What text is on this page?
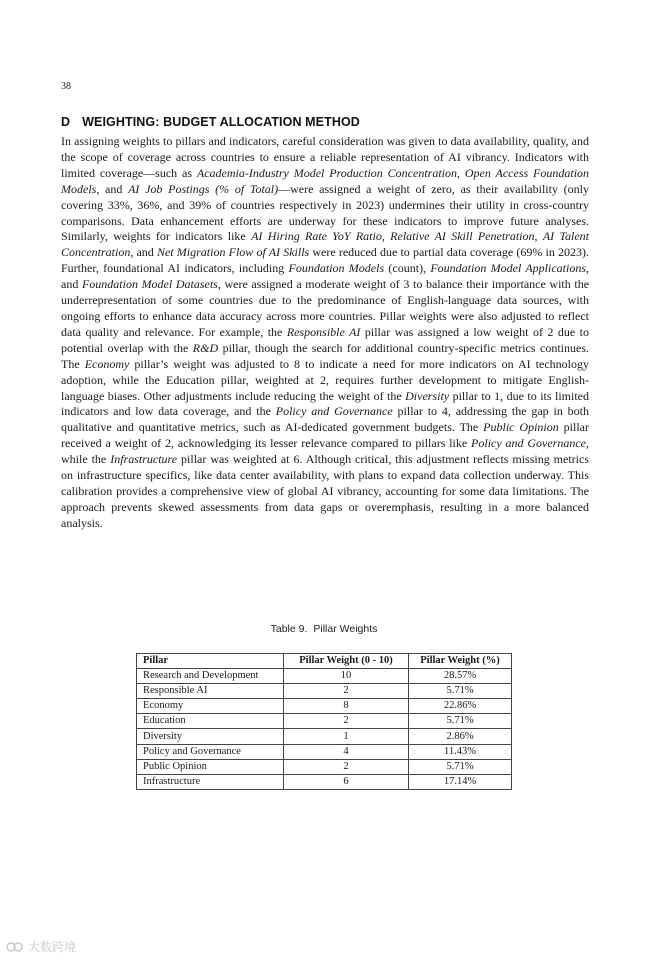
38
D WEIGHTING: BUDGET ALLOCATION METHOD
In assigning weights to pillars and indicators, careful consideration was given to data availability, quality, and the scope of coverage across countries to ensure a reliable representation of AI vibrancy. Indicators with limited coverage—such as Academia-Industry Model Production Concentration, Open Access Foundation Models, and AI Job Postings (% of Total)—were assigned a weight of zero, as their availability (only covering 33%, 36%, and 39% of countries respectively in 2023) undermines their utility in cross-country comparisons. Data enhancement efforts are underway for these indicators to improve future analyses. Similarly, weights for indicators like AI Hiring Rate YoY Ratio, Relative AI Skill Penetration, AI Talent Concentration, and Net Migration Flow of AI Skills were reduced due to partial data coverage (69% in 2023). Further, foundational AI indicators, including Foundation Models (count), Foundation Model Applications, and Foundation Model Datasets, were assigned a moderate weight of 3 to balance their importance with the underrepresentation of some countries due to the predominance of English-language data sources, with ongoing efforts to enhance data accuracy across more countries. Pillar weights were also adjusted to reflect data quality and relevance. For example, the Responsible AI pillar was assigned a low weight of 2 due to potential overlap with the R&D pillar, though the search for additional country-specific metrics continues. The Economy pillar’s weight was adjusted to 8 to indicate a need for more indicators on AI technology adoption, while the Education pillar, weighted at 2, requires further development to mitigate English-language biases. Other adjustments include reducing the weight of the Diversity pillar to 1, due to its limited indicators and low data coverage, and the Policy and Governance pillar to 4, addressing the gap in both qualitative and quantitative metrics, such as AI-dedicated government budgets. The Public Opinion pillar received a weight of 2, acknowledging its lesser relevance compared to pillars like Policy and Governance, while the Infrastructure pillar was weighted at 6. Although critical, this adjustment reflects missing metrics on infrastructure specifics, like data center availability, with plans to expand data collection underway. This calibration provides a comprehensive view of global AI vibrancy, accounting for some data limitations. The approach prevents skewed assessments from data gaps or overemphasis, resulting in a more balanced analysis.
Table 9. Pillar Weights
Pillar	Pillar Weight (0 - 10)	Pillar Weight (%)
Research and Development	10	28.57%
Responsible AI	2	5.71%
Economy	8	22.86%
Education	2	5.71%
Diversity	1	2.86%
Policy and Governance	4	11.43%
Public Opinion	2	5.71%
Infrastructure	6	17.14%
大数跨境
